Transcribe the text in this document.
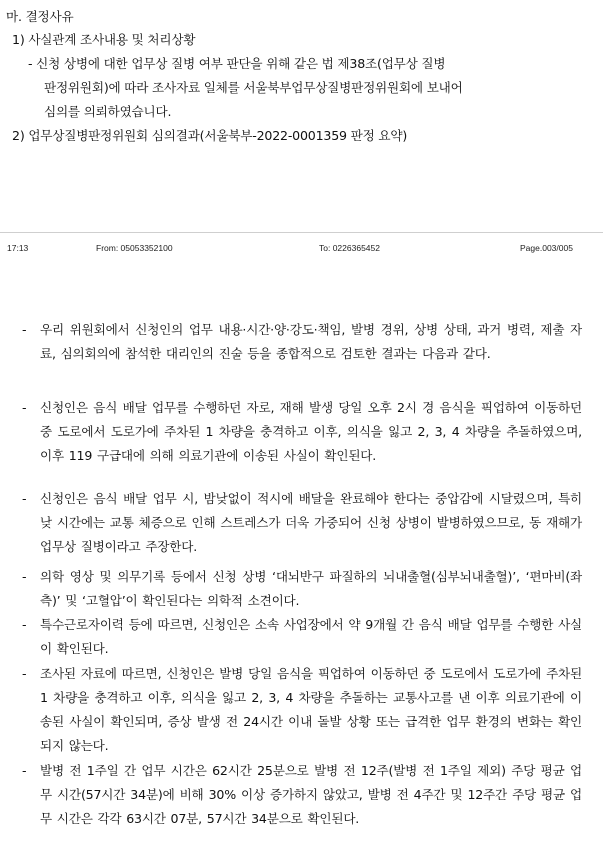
마. 결정사유
1) 사실관계 조사내용 및 처리상황
- 신청 상병에 대한 업무상 질병 여부 판단을 위해 같은 법 제38조(업무상 질병
판정위원회)에 따라 조사자료 일체를 서울북부업무상질병판정위원회에 보내어
심의를 의뢰하였습니다.
2) 업무상질병판정위원회 심의결과(서울북부-2022-0001359 판정 요약)
17:13	From: 05053352100	To: 0226365452	Page.003/005
- 우리 위원회에서 신청인의 업무 내용·시간·양·강도·책임, 발병 경위, 상병 상태, 과거 병력, 제출 자료, 심의회의에 참석한 대리인의 진술 등을 종합적으로 검토한 결과는 다음과 같다.
- 신청인은 음식 배달 업무를 수행하던 자로, 재해 발생 당일 오후 2시 경 음식을 픽업하여 이동하던 중 도로에서 도로가에 주차된 1 차량을 충격하고 이후, 의식을 잃고 2, 3, 4 차량을 추돌하였으며, 이후 119 구급대에 의해 의료기관에 이송된 사실이 확인된다.
- 신청인은 음식 배달 업무 시, 밤낮없이 적시에 배달을 완료해야 한다는 중압감에 시달렸으며, 특히 낮 시간에는 교통 체증으로 인해 스트레스가 더욱 가중되어 신청 상병이 발병하였으므로, 동 재해가 업무상 질병이라고 주장한다.
- 의학 영상 및 의무기록 등에서 신청 상병 ‘대뇌반구 파질하의 뇌내출혈(심부뇌내출혈)’, ‘편마비(좌측)’ 및 ‘고혈압’이 확인된다는 의학적 소견이다.
- 특수근로자이력 등에 따르면, 신청인은 소속 사업장에서 약 9개월 간 음식 배달 업무를 수행한 사실이 확인된다.
- 조사된 자료에 따르면, 신청인은 발병 당일 음식을 픽업하여 이동하던 중 도로에서 도로가에 주차된 1 차량을 충격하고 이후, 의식을 잃고 2, 3, 4 차량을 추돌하는 교통사고를 낸 이후 의료기관에 이송된 사실이 확인되며, 증상 발생 전 24시간 이내 돌발 상황 또는 급격한 업무 환경의 변화는 확인되지 않는다.
- 발병 전 1주일 간 업무 시간은 62시간 25분으로 발병 전 12주(발병 전 1주일 제외) 주당 평균 업무 시간(57시간 34분)에 비해 30% 이상 증가하지 않았고, 발병 전 4주간 및 12주간 주당 평균 업무 시간은 각각 63시간 07분, 57시간 34분으로 확인된다.
